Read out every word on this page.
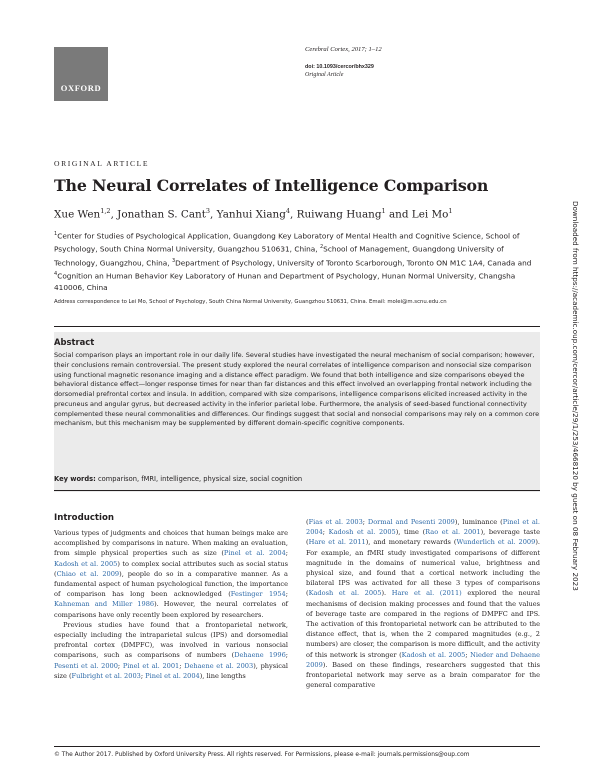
OXFORD
Cerebral Cortex, 2017; 1–12
doi: 10.1093/cercor/bhx329
Original Article
ORIGINAL ARTICLE
The Neural Correlates of Intelligence Comparison
Xue Wen$^{1,2}$, Jonathan S. Cant$^3$, Yanhui Xiang$^4$, Ruiwang Huang$^1$ and Lei Mo$^1$
$^1$Center for Studies of Psychological Application, Guangdong Key Laboratory of Mental Health and Cognitive Science, School of Psychology, South China Normal University, Guangzhou 510631, China, $^2$School of Management, Guangdong University of Technology, Guangzhou, China, $^3$Department of Psychology, University of Toronto Scarborough, Toronto ON M1C 1A4, Canada and $^4$Cognition an Human Behavior Key Laboratory of Hunan and Department of Psychology, Hunan Normal University, Changsha 410006, China
Address correspondence to Lei Mo, School of Psychology, South China Normal University, Guangzhou 510631, China. Email: molei@m.scnu.edu.cn
Abstract
Social comparison plays an important role in our daily life. Several studies have investigated the neural mechanism of social comparison; however, their conclusions remain controversial. The present study explored the neural correlates of intelligence comparison and nonsocial size comparison using functional magnetic resonance imaging and a distance effect paradigm. We found that both intelligence and size comparisons obeyed the behavioral distance effect—longer response times for near than far distances and this effect involved an overlapping frontal network including the dorsomedial prefrontal cortex and insula. In addition, compared with size comparisons, intelligence comparisons elicited increased activity in the precuneus and angular gyrus, but decreased activity in the inferior parietal lobe. Furthermore, the analysis of seed-based functional connectivity complemented these neural commonalities and differences. Our findings suggest that social and nonsocial comparisons may rely on a common core mechanism, but this mechanism may be supplemented by different domain-specific cognitive components.
Key words: comparison, fMRI, intelligence, physical size, social cognition
Introduction

Various types of judgments and choices that human beings make are accomplished by comparisons in nature. When making an evaluation, from simple physical properties such as size (Pinel et al. 2004; Kadosh et al. 2005) to complex social attributes such as social status (Chiao et al. 2009), people do so in a comparative manner. As a fundamental aspect of human psychological function, the importance of comparison has long been acknowledged (Festinger 1954; Kahneman and Miller 1986). However, the neural correlates of comparisons have only recently been explored by researchers.

Previous studies have found that a frontoparietal network, especially including the intraparietal sulcus (IPS) and dorsomedial prefrontal cortex (DMPFC), was involved in various nonsocial comparisons, such as comparisons of numbers (Dehaene 1996; Pesenti et al. 2000; Pinel et al. 2001; Dehaene et al. 2003), physical size (Fulbright et al. 2003; Pinel et al. 2004), line lengths

(Fias et al. 2003; Dormal and Pesenti 2009), luminance (Pinel et al. 2004; Kadosh et al. 2005), time (Rao et al. 2001), beverage taste (Hare et al. 2011), and monetary rewards (Wunderlich et al. 2009). For example, an fMRI study investigated comparisons of different magnitude in the domains of numerical value, brightness and physical size, and found that a cortical network including the bilateral IPS was activated for all these 3 types of comparisons (Kadosh et al. 2005). Hare et al. (2011) explored the neural mechanisms of decision making processes and found that the values of beverage taste are compared in the regions of DMPFC and IPS. The activation of this frontoparietal network can be attributed to the distance effect, that is, when the 2 compared magnitudes (e.g., 2 numbers) are closer, the comparison is more difficult, and the activity of this network is stronger (Kadosh et al. 2005; Nieder and Dehaene 2009). Based on these findings, researchers suggested that this frontoparietal network may serve as a brain comparator for the general comparative

© The Author 2017. Published by Oxford University Press. All rights reserved. For Permissions, please e-mail: journals.permissions@oup.com
Downloaded from https://academic.oup.com/cercor/article/29/1/253/4668120 by guest on 08 February 2023
